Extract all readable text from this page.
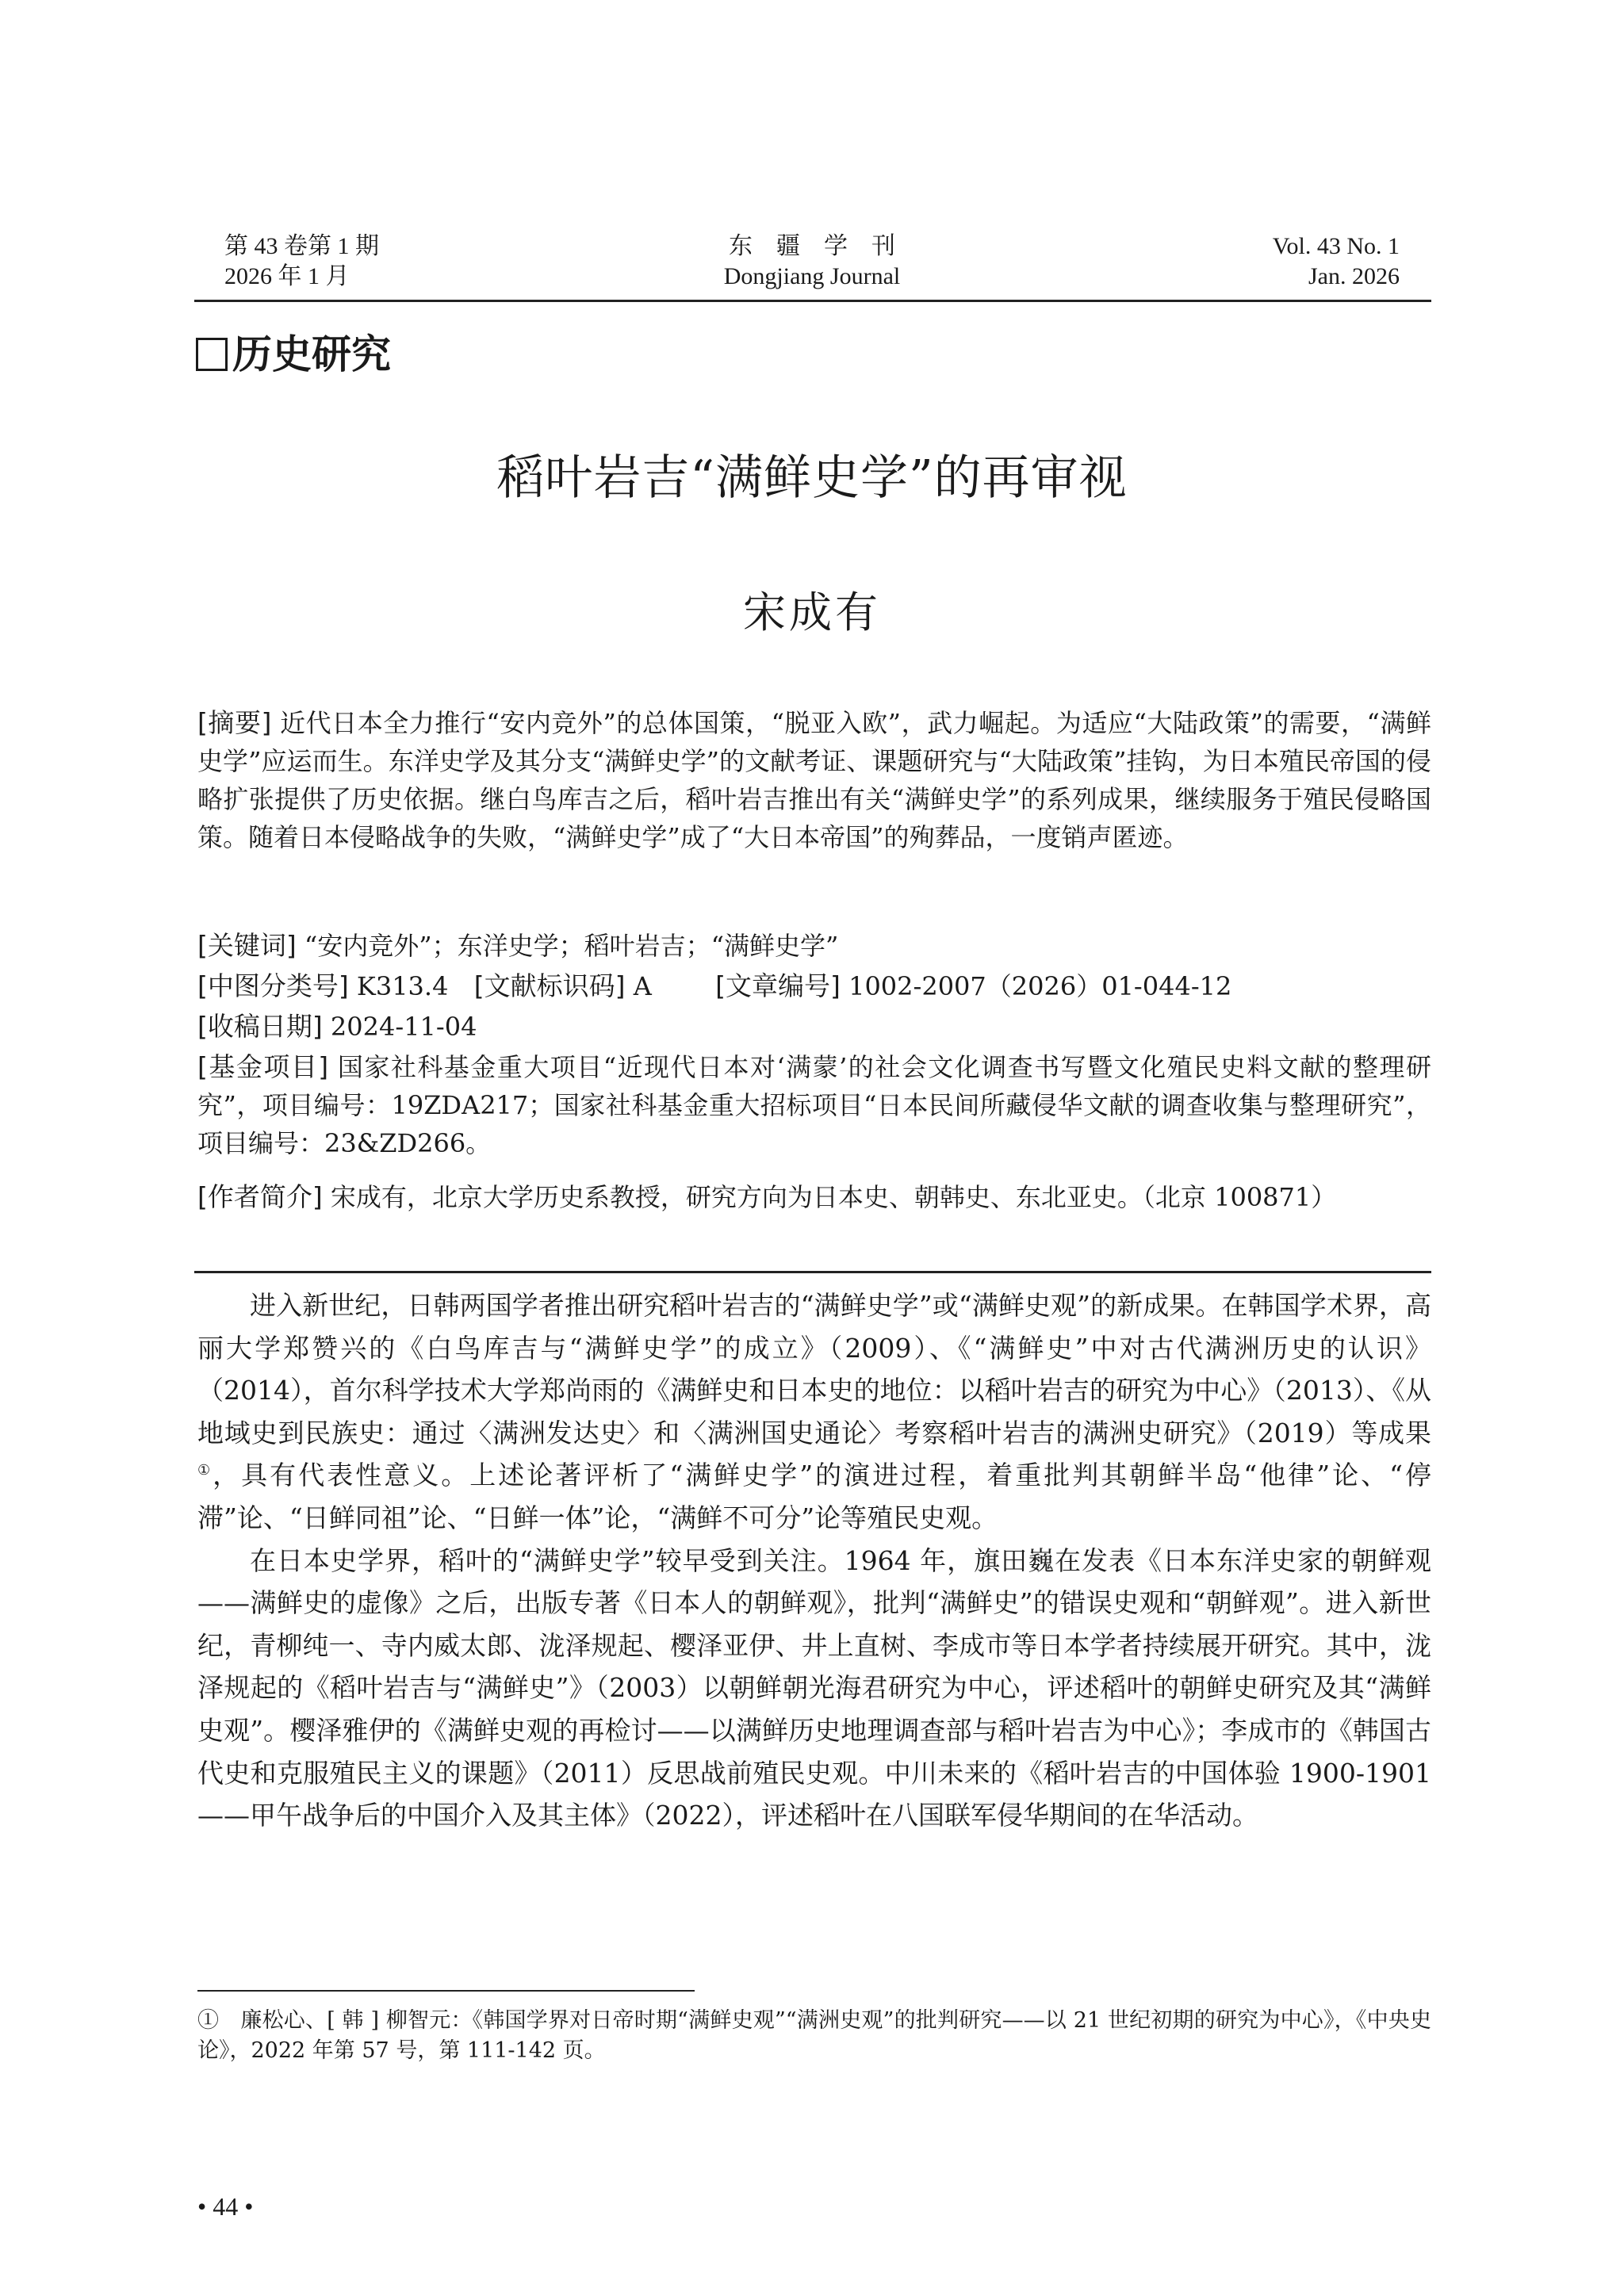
第 43 卷第 1 期
2026 年 1 月
东　疆　学　刊
Dongjiang Journal
Vol. 43 No. 1
Jan. 2026
历史研究
稻叶岩吉“满鲜史学”的再审视
宋成有
[摘要] 近代日本全力推行“安内竞外”的总体国策，“脱亚入欧”，武力崛起。为适应“大陆政策”的需要，“满鲜史学”应运而生。东洋史学及其分支“满鲜史学”的文献考证、课题研究与“大陆政策”挂钩，为日本殖民帝国的侵略扩张提供了历史依据。继白鸟库吉之后，稻叶岩吉推出有关“满鲜史学”的系列成果，继续服务于殖民侵略国策。随着日本侵略战争的失败，“满鲜史学”成了“大日本帝国”的殉葬品，一度销声匿迹。
[关键词] “安内竞外”；东洋史学；稻叶岩吉；“满鲜史学”
[中图分类号] K313.4 [文献标识码] A [文章编号] 1002-2007（2026）01-044-12
[收稿日期] 2024-11-04
[基金项目] 国家社科基金重大项目“近现代日本对‘满蒙’的社会文化调查书写暨文化殖民史料文献的整理研究”，项目编号：19ZDA217；国家社科基金重大招标项目“日本民间所藏侵华文献的调查收集与整理研究”，项目编号：23&ZD266。
[作者简介] 宋成有，北京大学历史系教授，研究方向为日本史、朝韩史、东北亚史。（北京 100871）

进入新世纪，日韩两国学者推出研究稻叶岩吉的“满鲜史学”或“满鲜史观”的新成果。在韩国学术界，高丽大学郑赞兴的《白鸟库吉与“满鲜史学”的成立》（2009）、《“满鲜史”中对古代满洲历史的认识》（2014），首尔科学技术大学郑尚雨的《满鲜史和日本史的地位：以稻叶岩吉的研究为中心》（2013）、《从地域史到民族史：通过〈满洲发达史〉和〈满洲国史通论〉考察稻叶岩吉的满洲史研究》（2019）等成果①，具有代表性意义。上述论著评析了“满鲜史学”的演进过程，着重批判其朝鲜半岛“他律”论、“停滞”论、“日鲜同祖”论、“日鲜一体”论，“满鲜不可分”论等殖民史观。

在日本史学界，稻叶的“满鲜史学”较早受到关注。1964 年，旗田巍在发表《日本东洋史家的朝鲜观——满鲜史的虚像》之后，出版专著《日本人的朝鲜观》，批判“满鲜史”的错误史观和“朝鲜观”。进入新世纪，青柳纯一、寺内威太郎、泷泽规起、樱泽亚伊、井上直树、李成市等日本学者持续展开研究。其中，泷泽规起的《稻叶岩吉与“满鲜史”》（2003）以朝鲜朝光海君研究为中心，评述稻叶的朝鲜史研究及其“满鲜史观”。樱泽雅伊的《满鲜史观的再检讨——以满鲜历史地理调查部与稻叶岩吉为中心》；李成市的《韩国古代史和克服殖民主义的课题》（2011）反思战前殖民史观。中川未来的《稻叶岩吉的中国体验 1900-1901——甲午战争后的中国介入及其主体》（2022），评述稻叶在八国联军侵华期间的在华活动。

①　廉松心、[ 韩 ] 柳智元：《韩国学界对日帝时期“满鲜史观”“满洲史观”的批判研究——以 21 世纪初期的研究为中心》，《中央史论》，2022 年第 57 号，第 111-142 页。
• 44 •
